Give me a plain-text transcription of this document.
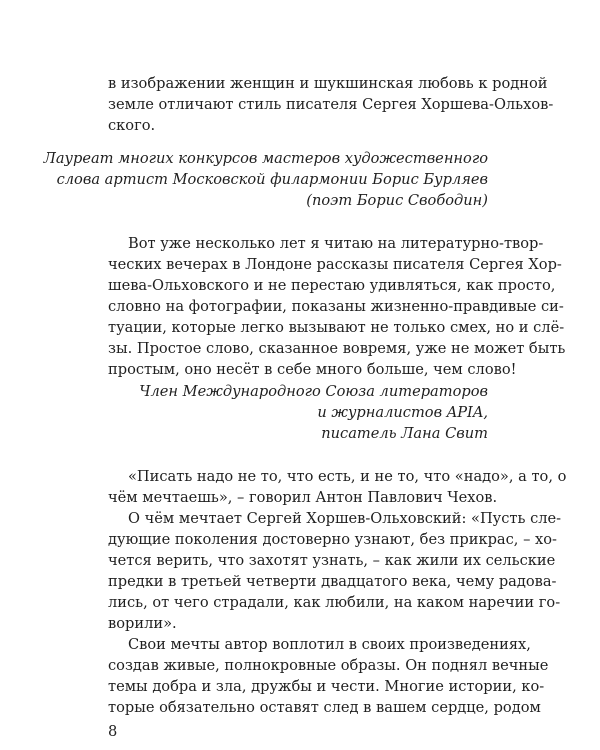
в изображении женщин и шукшинская любовь к родной
земле отличают стиль писателя Сергея Хоршева-Ольхов-
ского.
Лауреат многих конкурсов мастеров художественного
слова артист Московской филармонии Борис Бурляев
(поэт Борис Свободин)
Вот уже несколько лет я читаю на литературно-твор-
ческих вечерах в Лондоне рассказы писателя Сергея Хор-
шева-Ольховского и не перестаю удивляться, как просто,
словно на фотографии, показаны жизненно-правдивые си-
туации, которые легко вызывают не только смех, но и слё-
зы. Простое слово, сказанное вовремя, уже не может быть
простым, оно несёт в себе много больше, чем слово!
Член Международного Союза литераторов
и журналистов APIA,
писатель Лана Свит
«Писать надо не то, что есть, и не то, что «надо», а то, о
чём мечтаешь», – говорил Антон Павлович Чехов.
О чём мечтает Сергей Хоршев-Ольховский: «Пусть сле-
дующие поколения достоверно узнают, без прикрас, – хо-
чется верить, что захотят узнать, – как жили их сельские
предки в третьей четверти двадцатого века, чему радова-
лись, от чего страдали, как любили, на каком наречии го-
ворили».
Свои мечты автор воплотил в своих произведениях,
создав живые, полнокровные образы. Он поднял вечные
темы добра и зла, дружбы и чести. Многие истории, ко-
торые обязательно оставят след в вашем сердце, родом
8
